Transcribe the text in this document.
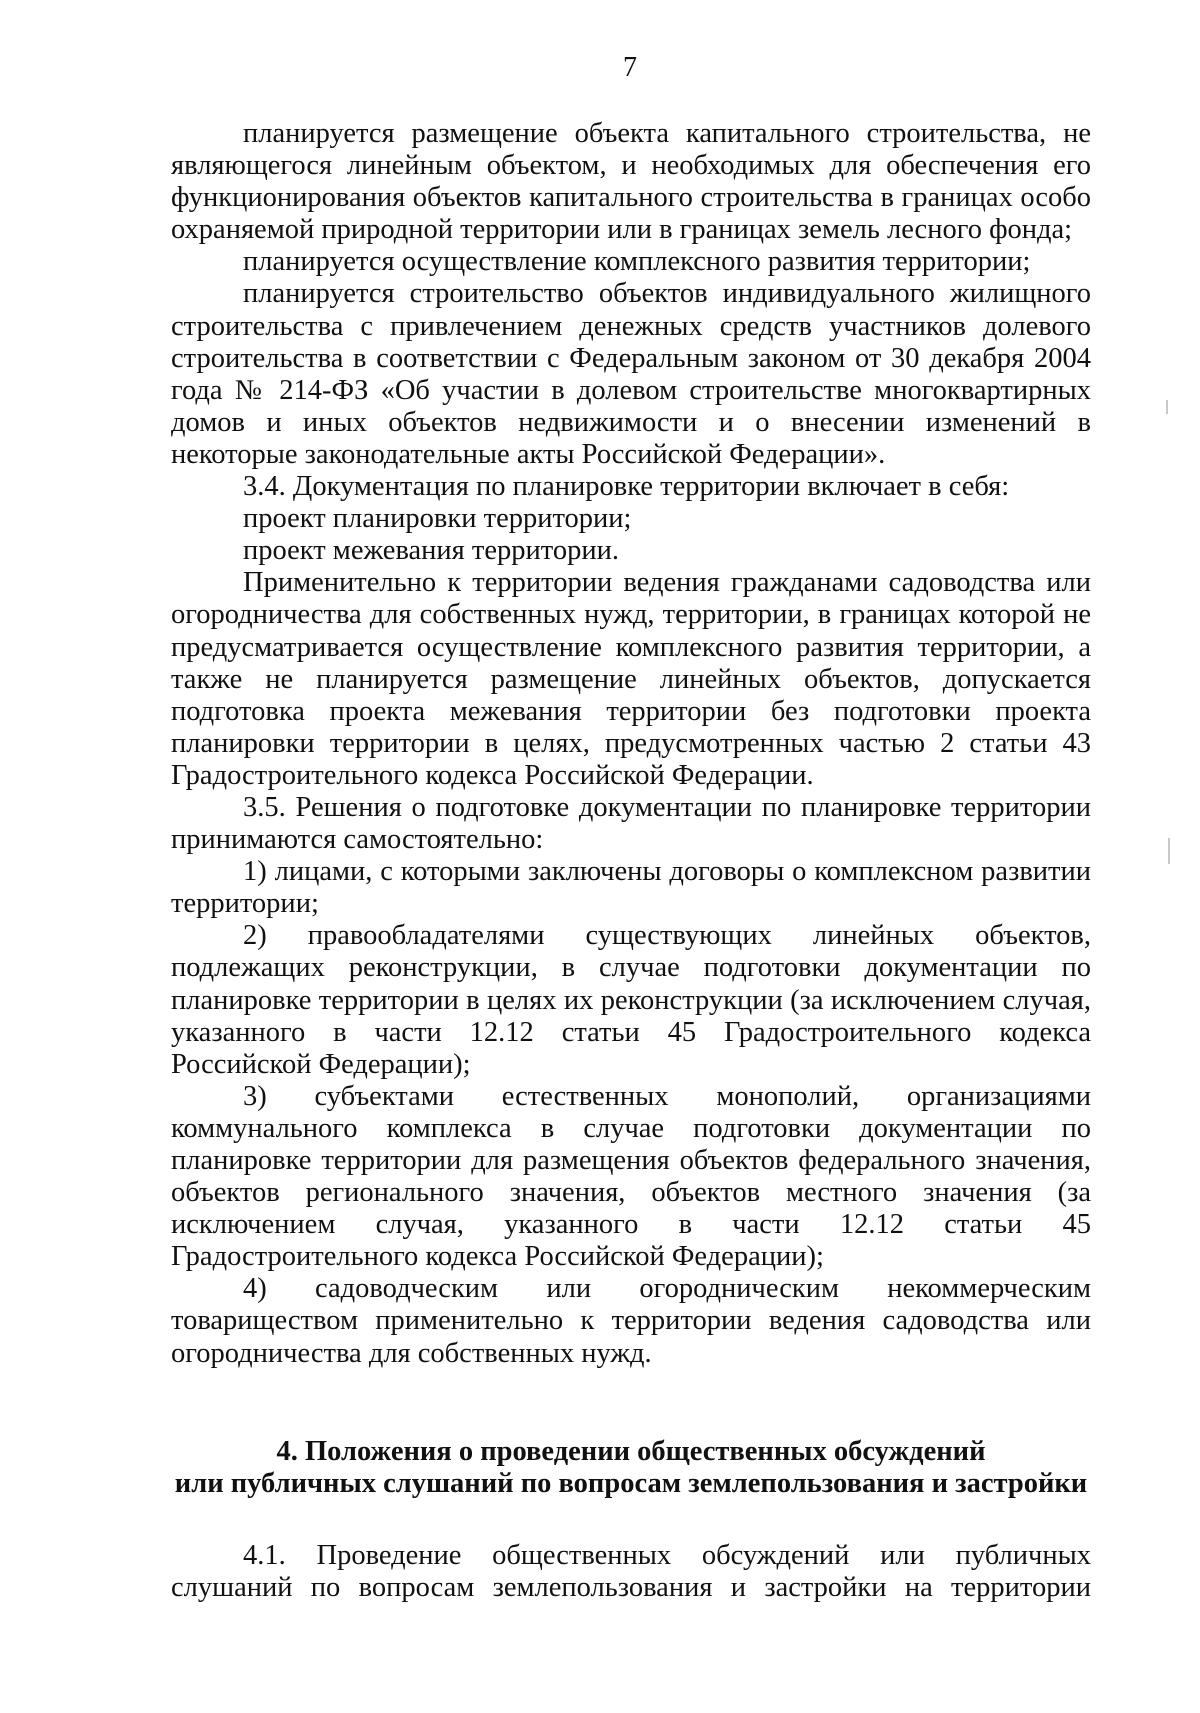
7

планируется размещение объекта капитального строительства, не являющегося линейным объектом, и необходимых для обеспечения его функционирования объектов капитального строительства в границах особо охраняемой природной территории или в границах земель лесного фонда;

планируется осуществление комплексного развития территории;

планируется строительство объектов индивидуального жилищного строительства с привлечением денежных средств участников долевого строительства в соответствии с Федеральным законом от 30 декабря 2004 года № 214-ФЗ «Об участии в долевом строительстве многоквартирных домов и иных объектов недвижимости и о внесении изменений в некоторые законодательные акты Российской Федерации».

3.4. Документация по планировке территории включает в себя:

проект планировки территории;

проект межевания территории.

Применительно к территории ведения гражданами садоводства или огородничества для собственных нужд, территории, в границах которой не предусматривается осуществление комплексного развития территории, а также не планируется размещение линейных объектов, допускается подготовка проекта межевания территории без подготовки проекта планировки территории в целях, предусмотренных частью 2 статьи 43 Градостроительного кодекса Российской Федерации.

3.5. Решения о подготовке документации по планировке территории принимаются самостоятельно:

1) лицами, с которыми заключены договоры о комплексном развитии территории;

2) правообладателями существующих линейных объектов, подлежащих реконструкции, в случае подготовки документации по планировке территории в целях их реконструкции (за исключением случая, указанного в части 12.12 статьи 45 Градостроительного кодекса Российской Федерации);

3) субъектами естественных монополий, организациями коммунального комплекса в случае подготовки документации по планировке территории для размещения объектов федерального значения, объектов регионального значения, объектов местного значения (за исключением случая, указанного в части 12.12 статьи 45 Градостроительного кодекса Российской Федерации);

4) садоводческим или огородническим некоммерческим товариществом применительно к территории ведения садоводства или огородничества для собственных нужд.

4. Положения о проведении общественных обсуждений
или публичных слушаний по вопросам землепользования и застройки

4.1. Проведение общественных обсуждений или публичных слушаний по вопросам землепользования и застройки на территории
